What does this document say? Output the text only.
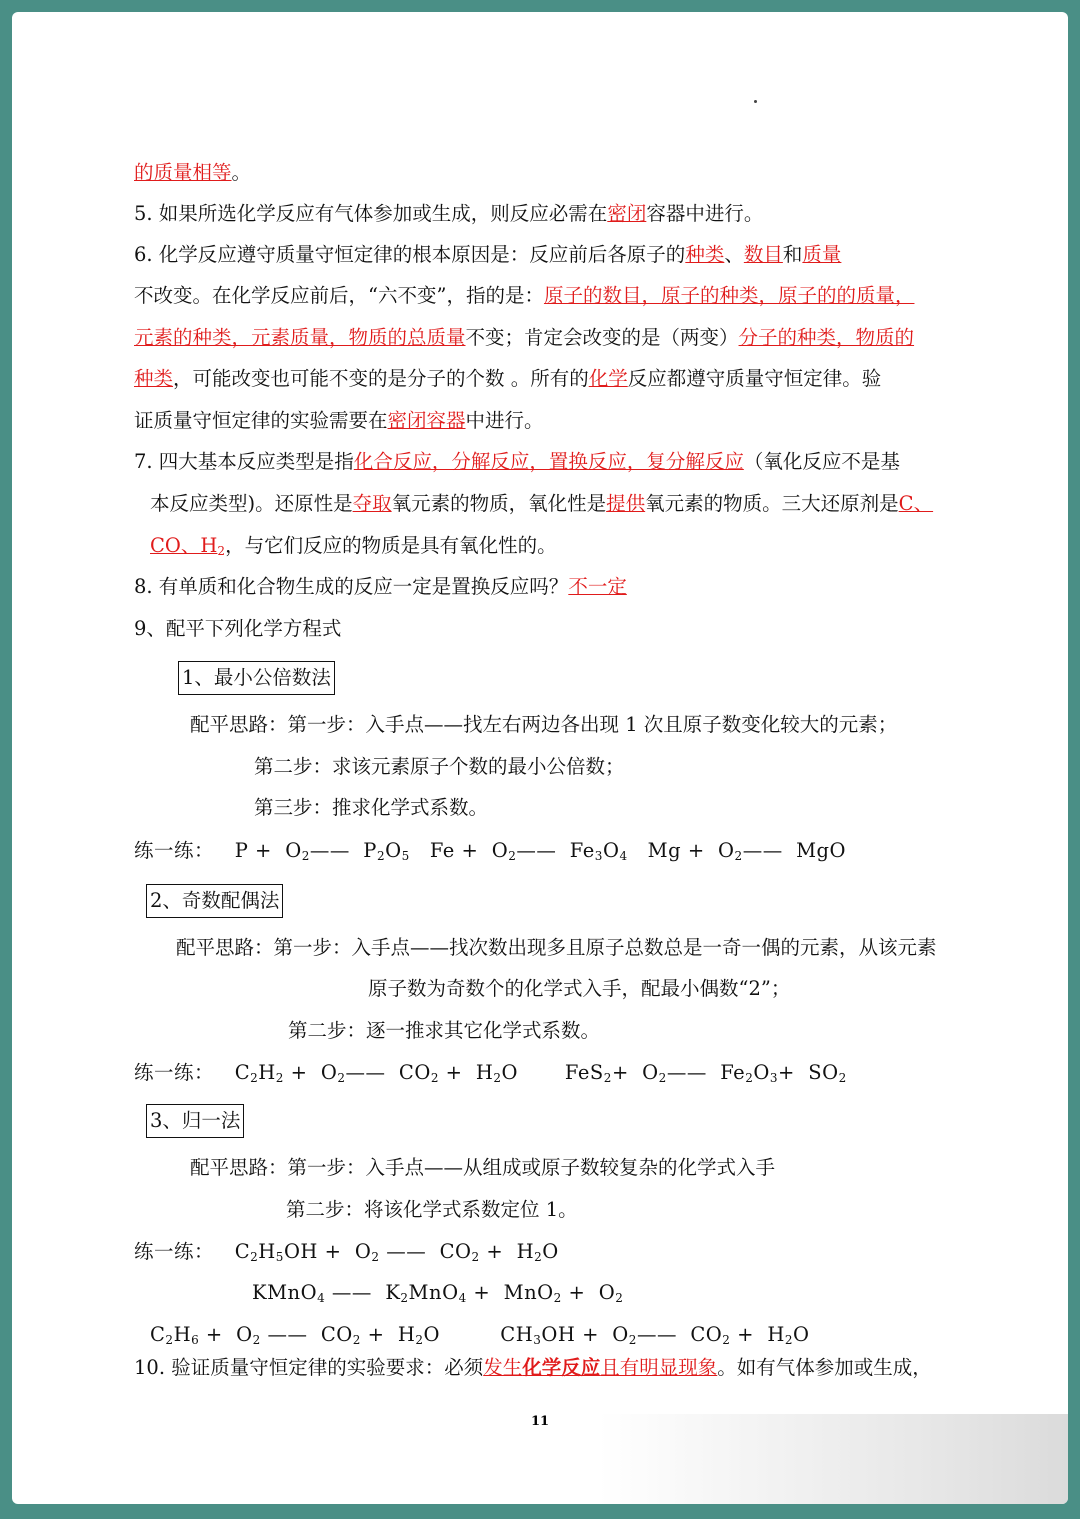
的质量相等。
5. 如果所选化学反应有气体参加或生成，则反应必需在密闭容器中进行。
6. 化学反应遵守质量守恒定律的根本原因是：反应前后各原子的种类、数目和质量
不改变。在化学反应前后，“六不变”，指的是：原子的数目，原子的种类，原子的的质量，
元素的种类，元素质量，物质的总质量不变；肯定会改变的是（两变）分子的种类，物质的
种类，可能改变也可能不变的是分子的个数 。所有的化学反应都遵守质量守恒定律。验
证质量守恒定律的实验需要在密闭容器中进行。
7. 四大基本反应类型是指化合反应，分解反应，置换反应，复分解反应（氧化反应不是基
本反应类型)。还原性是夺取氧元素的物质，氧化性是提供氧元素的物质。三大还原剂是C、
CO、$H_2$，与它们反应的物质是具有氧化性的。
8. 有单质和化合物生成的反应一定是置换反应吗？不一定
9、配平下列化学方程式
1、最小公倍数法
配平思路：第一步：入手点——找左右两边各出现 1 次且原子数变化较大的元素；
第二步：求该元素原子个数的最小公倍数；
第三步：推求化学式系数。
练一练： $P + O_2——$  $P_2O_5$   $Fe + O_2——$  $Fe_3O_4$   $Mg + O_2——$  MgO
2、奇数配偶法
配平思路：第一步：入手点——找次数出现多且原子总数总是一奇一偶的元素，从该元素
原子数为奇数个的化学式入手，配最小偶数“2”；
第二步：逐一推求其它化学式系数。
练一练： $C_2H_2$ +  $O_2——$  $CO_2 + H_2O$       $FeS_2+ O_2——$  $Fe_2O_3+ SO_2$
3、归一法
配平思路：第一步：入手点——从组成或原子数较复杂的化学式入手
第二步：将该化学式系数定位 1。
练一练： $C_2H_5OH + O_2$ ——  $CO_2 + H_2O$
KMnO$_4$ ——  $K_2MnO_4 + MnO_2 + O_2$
$C_2H_6 + O_2$ ——  $CO_2 + H_2O$         $CH_3OH$ +  $O_2——$  $CO_2 + H_2O$
10. 验证质量守恒定律的实验要求：必须发生化学反应且有明显现象。如有气体参加或生成，
11
